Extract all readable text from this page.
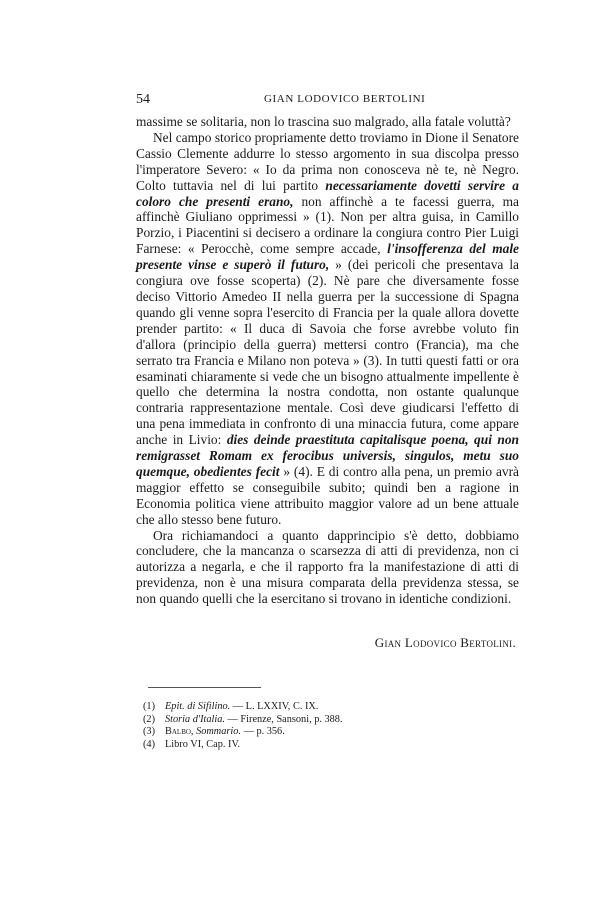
54	GIAN LODOVICO BERTOLINI

massime se solitaria, non lo trascina suo malgrado, alla fatale voluttà?

Nel campo storico propriamente detto troviamo in Dione il Senatore Cassio Clemente addurre lo stesso argomento in sua discolpa presso l'imperatore Severo: « Io da prima non conosceva nè te, nè Negro. Colto tuttavia nel di lui partito necessariamente dovetti servire a coloro che presenti erano, non affinchè a te facessi guerra, ma affinchè Giuliano opprimessi » (1). Non per altra guisa, in Camillo Porzio, i Piacentini si decisero a ordinare la congiura contro Pier Luigi Farnese: « Perocchè, come sempre accade, l'insofferenza del male presente vinse e superò il futuro, » (dei pericoli che presentava la congiura ove fosse scoperta) (2). Nè pare che diversamente fosse deciso Vittorio Amedeo II nella guerra per la successione di Spagna quando gli venne sopra l'esercito di Francia per la quale allora dovette prender partito: « Il duca di Savoia che forse avrebbe voluto fin d'allora (principio della guerra) mettersi contro (Francia), ma che serrato tra Francia e Milano non poteva » (3). In tutti questi fatti or ora esaminati chiaramente si vede che un bisogno attualmente impellente è quello che determina la nostra condotta, non ostante qualunque contraria rappresentazione mentale. Così deve giudicarsi l'effetto di una pena immediata in confronto di una minaccia futura, come appare anche in Livio: dies deinde praestituta capitalisque poena, qui non remigrasset Romam ex ferocibus universis, singulos, metu suo quemque, obedientes fecit » (4). E di contro alla pena, un premio avrà maggior effetto se conseguibile subito; quindi ben a ragione in Economia politica viene attribuito maggior valore ad un bene attuale che allo stesso bene futuro.

Ora richiamandoci a quanto dapprincipio s'è detto, dobbiamo concludere, che la mancanza o scarsezza di atti di previdenza, non ci autorizza a negarla, e che il rapporto fra la manifestazione di atti di previdenza, non è una misura comparata della previdenza stessa, se non quando quelli che la esercitano si trovano in identiche condizioni.

Gian Lodovico Bertolini.
(1) Epit. di Sifilino. — L. LXXIV, C. IX.
(2) Storia d'Italia. — Firenze, Sansoni, p. 388.
(3) Balbo, Sommario. — p. 356.
(4) Libro VI, Cap. IV.
